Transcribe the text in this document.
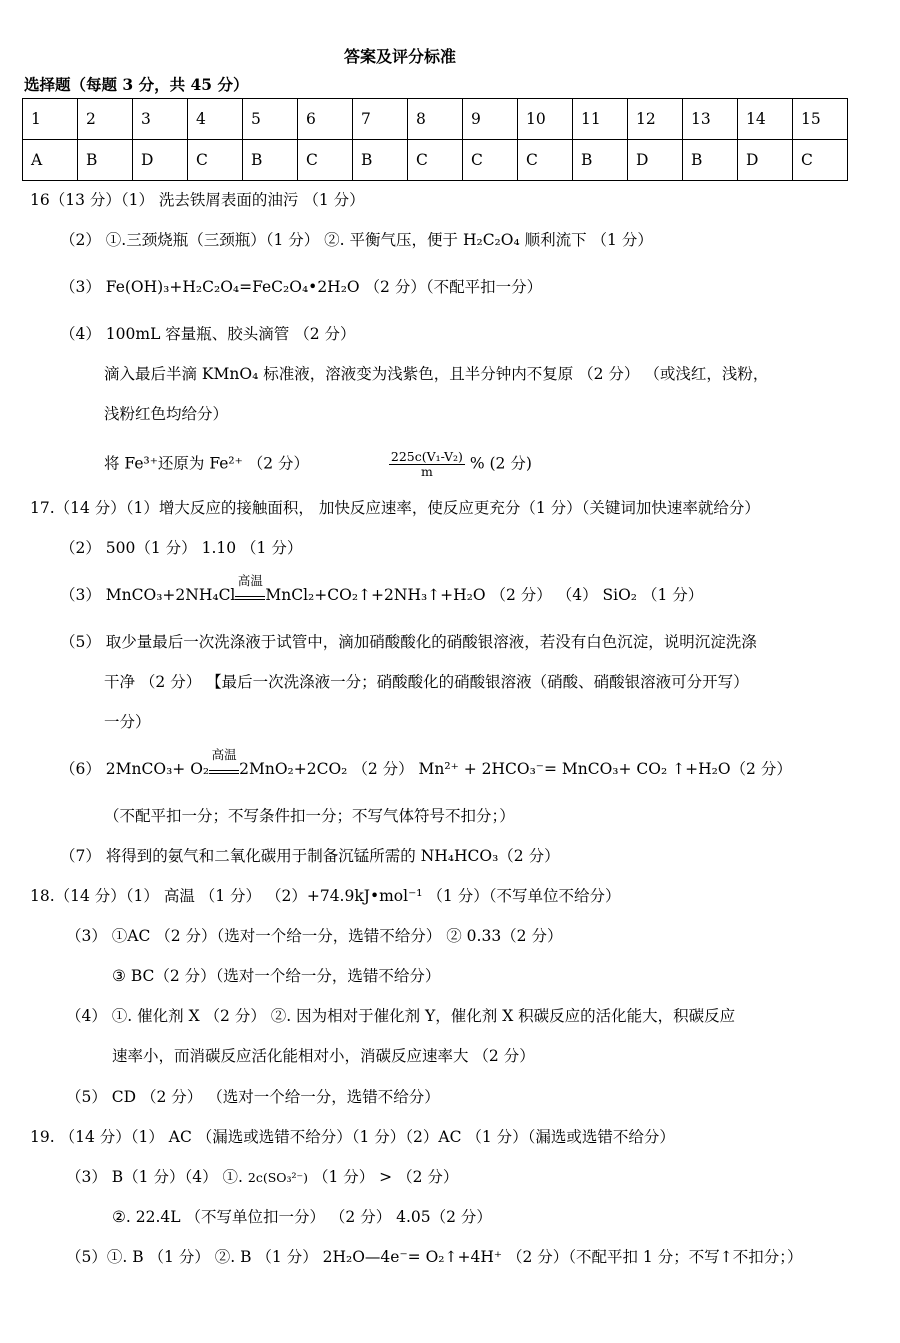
答案及评分标准
选择题（每题 3 分，共 45 分）
1	2	3	4	5	6	7	8	9	10	11	12	13	14	15
A	B	D	C	B	C	B	C	C	C	B	D	B	D	C
16（13 分）（1） 洗去铁屑表面的油污 （1 分）
（2） ①.三颈烧瓶（三颈瓶）（1 分） ②. 平衡气压，便于 H₂C₂O₄ 顺利流下 （1 分）
（3） Fe(OH)₃+H₂C₂O₄=FeC₂O₄•2H₂O （2 分）（不配平扣一分）
（4） 100mL 容量瓶、胶头滴管 （2 分）
滴入最后半滴 KMnO₄ 标准液，溶液变为浅紫色，且半分钟内不复原 （2 分） （或浅红，浅粉，
浅粉红色均给分）
将 Fe³⁺还原为 Fe²⁺ （2 分）	$\frac{\text{225c(V₁-V₂)}}{m}$ % (2 分)
17.（14 分）（1）增大反应的接触面积， 加快反应速率，使反应更充分（1 分）（关键词加快速率就给分）
（2） 500（1 分） 1.10 （1 分）
（3） MnCO₃+2NH₄Cl
高温
MnCl₂+CO₂↑+2NH₃↑+H₂O （2 分） （4） SiO₂ （1 分）
（5） 取少量最后一次洗涤液于试管中，滴加硝酸酸化的硝酸银溶液，若没有白色沉淀，说明沉淀洗涤
干净 （2 分） 【最后一次洗涤液一分；硝酸酸化的硝酸银溶液（硝酸、硝酸银溶液可分开写）
一分）
（6） 2MnCO₃+ O₂
高温
2MnO₂+2CO₂ （2 分） Mn²⁺ + 2HCO₃⁻= MnCO₃+ CO₂ ↑+H₂O（2 分）
（不配平扣一分；不写条件扣一分；不写气体符号不扣分；）
（7） 将得到的氨气和二氧化碳用于制备沉锰所需的 NH₄HCO₃（2 分）
18.（14 分）（1） 高温 （1 分） （2）+74.9kJ•mol⁻¹ （1 分）（不写单位不给分）
（3） ①AC （2 分）（选对一个给一分，选错不给分） ② 0.33（2 分）
③ BC（2 分）（选对一个给一分，选错不给分）
（4） ①. 催化剂 X （2 分） ②. 因为相对于催化剂 Y，催化剂 X 积碳反应的活化能大，积碳反应
速率小，而消碳反应活化能相对小，消碳反应速率大 （2 分）
（5） CD （2 分） （选对一个给一分，选错不给分）
19. （14 分）（1） AC （漏选或选错不给分）（1 分）（2）AC （1 分）（漏选或选错不给分）
（3） B（1 分）（4） ①. 2c(SO₃²⁻) （1 分） > （2 分）
②. 22.4L （不写单位扣一分） （2 分） 4.05（2 分）
（5）①. B （1 分） ②. B （1 分） 2H₂O—4e⁻= O₂↑+4H⁺ （2 分）（不配平扣 1 分；不写↑不扣分；）
